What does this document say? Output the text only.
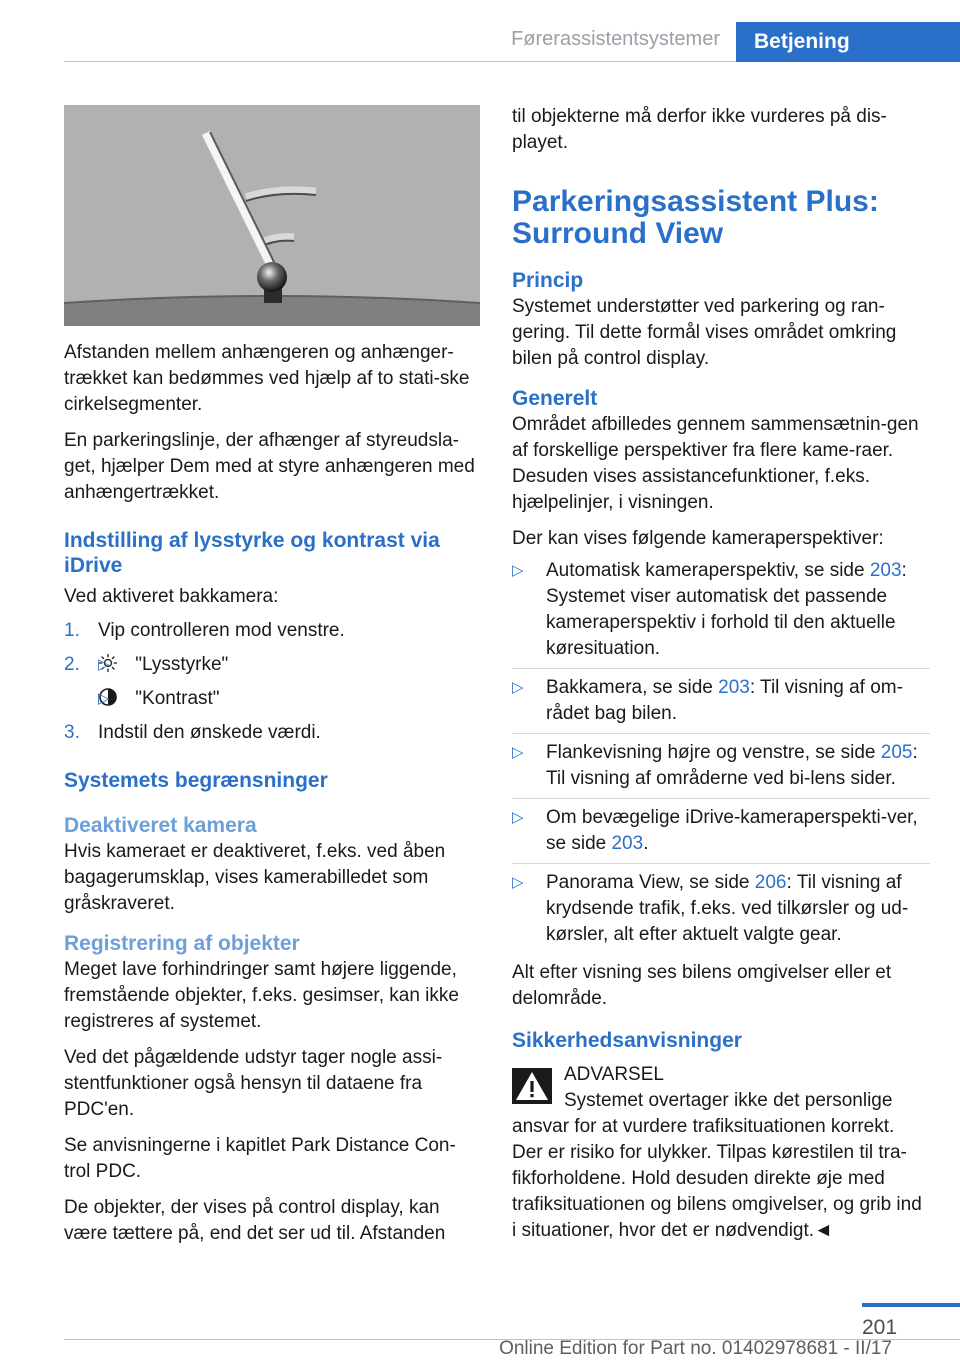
Førerassistentsystemer	Betjening

Afstanden mellem anhængeren og anhænger-trækket kan bedømmes ved hjælp af to stati-ske cirkelsegmenter.

En parkeringslinje, der afhænger af styreudsla-get, hjælper Dem med at styre anhængeren med anhængertrækket.

Indstilling af lysstyrke og kontrast via iDrive

Ved aktiveret bakkamera:

1. Vip controlleren mod venstre.
2. ▷ "Lysstyrke"
▷ "Kontrast"
3. Indstil den ønskede værdi.
Systemets begrænsninger
Deaktiveret kamera

Hvis kameraet er deaktiveret, f.eks. ved åben bagagerumsklap, vises kamerabilledet som gråskraveret.

Registrering af objekter

Meget lave forhindringer samt højere liggende, fremstående objekter, f.eks. gesimser, kan ikke registreres af systemet.

Ved det pågældende udstyr tager nogle assi-stentfunktioner også hensyn til dataene fra PDC'en.

Se anvisningerne i kapitlet Park Distance Con-trol PDC.

De objekter, der vises på control display, kan være tættere på, end det ser ud til. Afstanden

til objekterne må derfor ikke vurderes på dis-playet.

Parkeringsassistent Plus: Surround View
Princip

Systemet understøtter ved parkering og ran-gering. Til dette formål vises området omkring bilen på control display.

Generelt

Området afbilledes gennem sammensætnin-gen af forskellige perspektiver fra flere kame-raer. Desuden vises assistancefunktioner, f.eks. hjælpelinjer, i visningen.

Der kan vises følgende kameraperspektiver:

▷ Automatisk kameraperspektiv, se side 203: Systemet viser automatisk det passende kameraperspektiv i forhold til den aktuelle køresituation.
▷ Bakkamera, se side 203: Til visning af om-rådet bag bilen.
▷ Flankevisning højre og venstre, se side 205: Til visning af områderne ved bi-lens sider.
▷ Om bevægelige iDrive-kameraperspekti-ver, se side 203.
▷ Panorama View, se side 206: Til visning af krydsende trafik, f.eks. ved tilkørsler og ud-kørsler, alt efter aktuelt valgte gear.

Alt efter visning ses bilens omgivelser eller et delområde.

Sikkerhedsanvisninger

ADVARSEL

Systemet overtager ikke det personlige

ansvar for at vurdere trafiksituationen korrekt. Der er risiko for ulykker. Tilpas kørestilen til tra-fikforholdene. Hold desuden direkte øje med trafiksituationen og bilens omgivelser, og grib ind i situationer, hvor det er nødvendigt.◄

201
Online Edition for Part no. 01402978681 - II/17
